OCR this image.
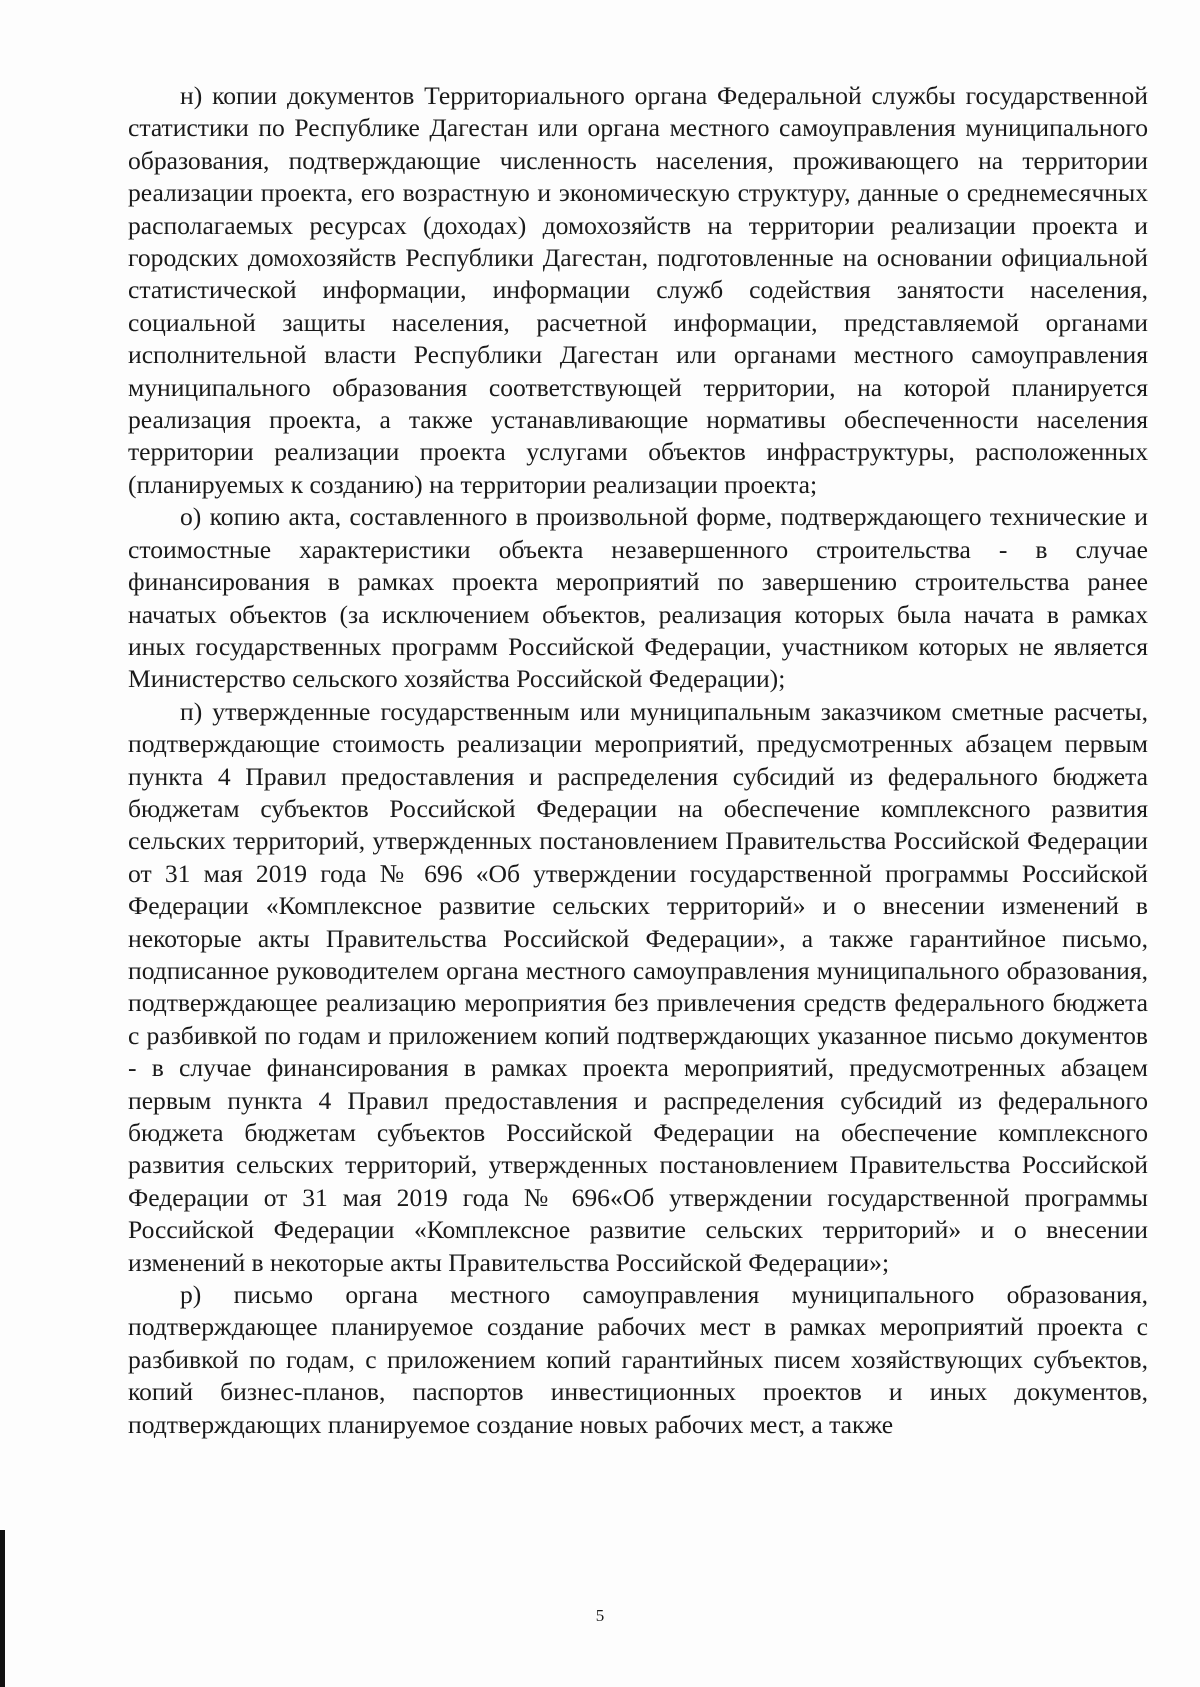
н) копии документов Территориального органа Федеральной службы государственной статистики по Республике Дагестан или органа местного самоуправления муниципального образования, подтверждающие численность населения, проживающего на территории реализации проекта, его возрастную и экономическую структуру, данные о среднемесячных располагаемых ресурсах (доходах) домохозяйств на территории реализации проекта и городских домохозяйств Республики Дагестан, подготовленные на основании официальной статистической информации, информации служб содействия занятости населения, социальной защиты населения, расчетной информации, представляемой органами исполнительной власти Республики Дагестан или органами местного самоуправления муниципального образования соответствующей территории, на которой планируется реализация проекта, а также устанавливающие нормативы обеспеченности населения территории реализации проекта услугами объектов инфраструктуры, расположенных (планируемых к созданию) на территории реализации проекта;

о) копию акта, составленного в произвольной форме, подтверждающего технические и стоимостные характеристики объекта незавершенного строительства - в случае финансирования в рамках проекта мероприятий по завершению строительства ранее начатых объектов (за исключением объектов, реализация которых была начата в рамках иных государственных программ Российской Федерации, участником которых не является Министерство сельского хозяйства Российской Федерации);

п) утвержденные государственным или муниципальным заказчиком сметные расчеты, подтверждающие стоимость реализации мероприятий, предусмотренных абзацем первым пункта 4 Правил предоставления и распределения субсидий из федерального бюджета бюджетам субъектов Российской Федерации на обеспечение комплексного развития сельских территорий, утвержденных постановлением Правительства Российской Федерации от 31 мая 2019 года № 696 «Об утверждении государственной программы Российской Федерации «Комплексное развитие сельских территорий» и о внесении изменений в некоторые акты Правительства Российской Федерации», а также гарантийное письмо, подписанное руководителем органа местного самоуправления муниципального образования, подтверждающее реализацию мероприятия без привлечения средств федерального бюджета с разбивкой по годам и приложением копий подтверждающих указанное письмо документов - в случае финансирования в рамках проекта мероприятий, предусмотренных абзацем первым пункта 4 Правил предоставления и распределения субсидий из федерального бюджета бюджетам субъектов Российской Федерации на обеспечение комплексного развития сельских территорий, утвержденных постановлением Правительства Российской Федерации от 31 мая 2019 года № 696«Об утверждении государственной программы Российской Федерации «Комплексное развитие сельских территорий» и о внесении изменений в некоторые акты Правительства Российской Федерации»;

р) письмо органа местного самоуправления муниципального образования, подтверждающее планируемое создание рабочих мест в рамках мероприятий проекта с разбивкой по годам, с приложением копий гарантийных писем хозяйствующих субъектов, копий бизнес-планов, паспортов инвестиционных проектов и иных документов, подтверждающих планируемое создание новых рабочих мест, а также

5
